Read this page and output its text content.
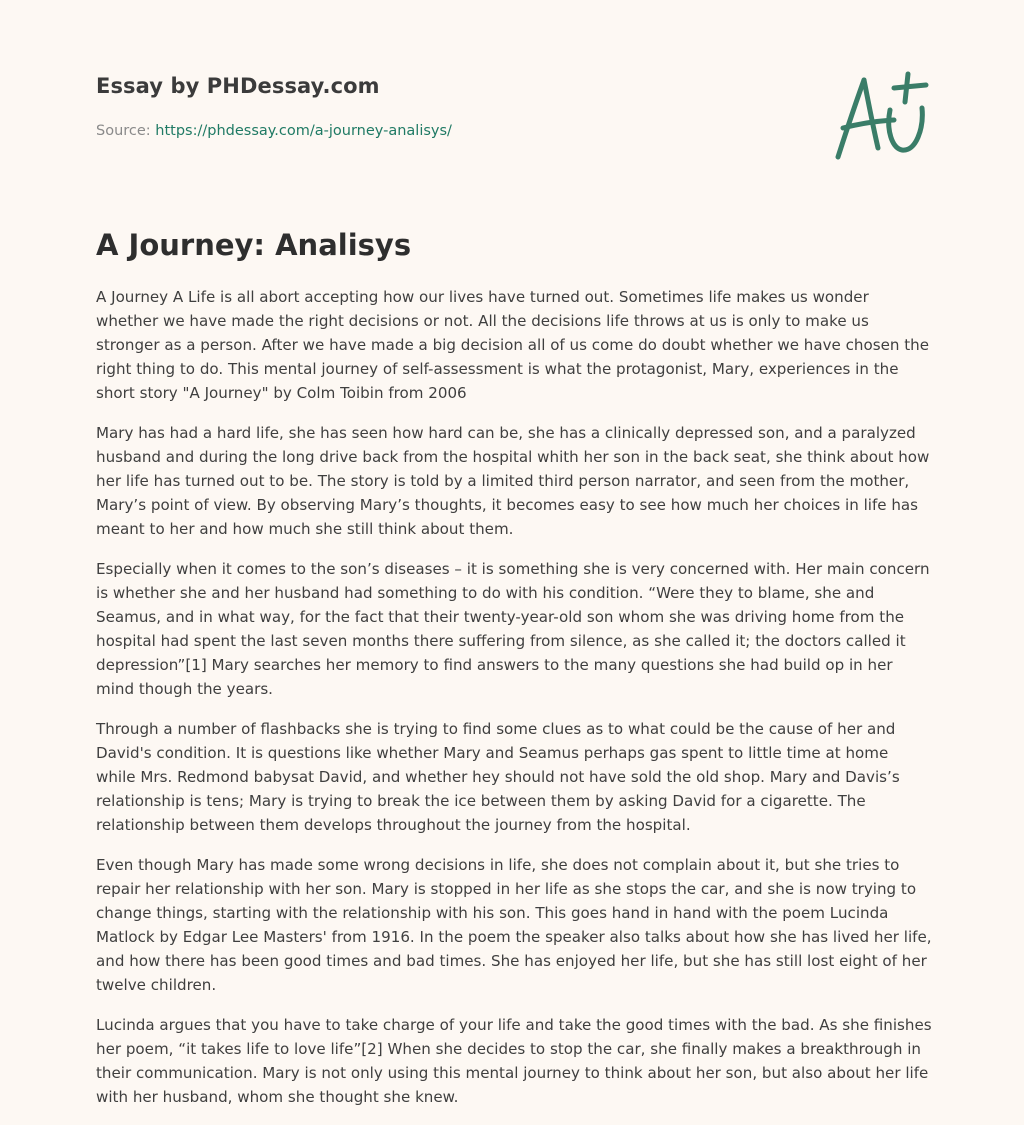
Essay by PHDessay.com
Source: https://phdessay.com/a-journey-analisys/
A Journey: Analisys

A Journey A Life is all abort accepting how our lives have turned out. Sometimes life makes us wonder whether we have made the right decisions or not. All the decisions life throws at us is only to make us stronger as a person. After we have made a big decision all of us come do doubt whether we have chosen the right thing to do. This mental journey of self-assessment is what the protagonist, Mary, experiences in the short story "A Journey" by Colm Toibin from 2006

Mary has had a hard life, she has seen how hard can be, she has a clinically depressed son, and a paralyzed husband and during the long drive back from the hospital whith her son in the back seat, she think about how her life has turned out to be. The story is told by a limited third person narrator, and seen from the mother, Mary’s point of view. By observing Mary’s thoughts, it becomes easy to see how much her choices in life has meant to her and how much she still think about them.

Especially when it comes to the son’s diseases – it is something she is very concerned with. Her main concern is whether she and her husband had something to do with his condition. “Were they to blame, she and Seamus, and in what way, for the fact that their twenty-year-old son whom she was driving home from the hospital had spent the last seven months there suffering from silence, as she called it; the doctors called it depression”[1] Mary searches her memory to find answers to the many questions she had build op in her mind though the years.

Through a number of flashbacks she is trying to find some clues as to what could be the cause of her and David's condition. It is questions like whether Mary and Seamus perhaps gas spent to little time at home while Mrs. Redmond babysat David, and whether hey should not have sold the old shop. Mary and Davis’s relationship is tens; Mary is trying to break the ice between them by asking David for a cigarette. The relationship between them develops throughout the journey from the hospital.

Even though Mary has made some wrong decisions in life, she does not complain about it, but she tries to repair her relationship with her son. Mary is stopped in her life as she stops the car, and she is now trying to change things, starting with the relationship with his son. This goes hand in hand with the poem Lucinda Matlock by Edgar Lee Masters' from 1916. In the poem the speaker also talks about how she has lived her life, and how there has been good times and bad times. She has enjoyed her life, but she has still lost eight of her twelve children.

Lucinda argues that you have to take charge of your life and take the good times with the bad. As she finishes her poem, “it takes life to love life”[2] When she decides to stop the car, she finally makes a breakthrough in their communication. Mary is not only using this mental journey to think about her son, but also about her life with her husband, whom she thought she knew.
